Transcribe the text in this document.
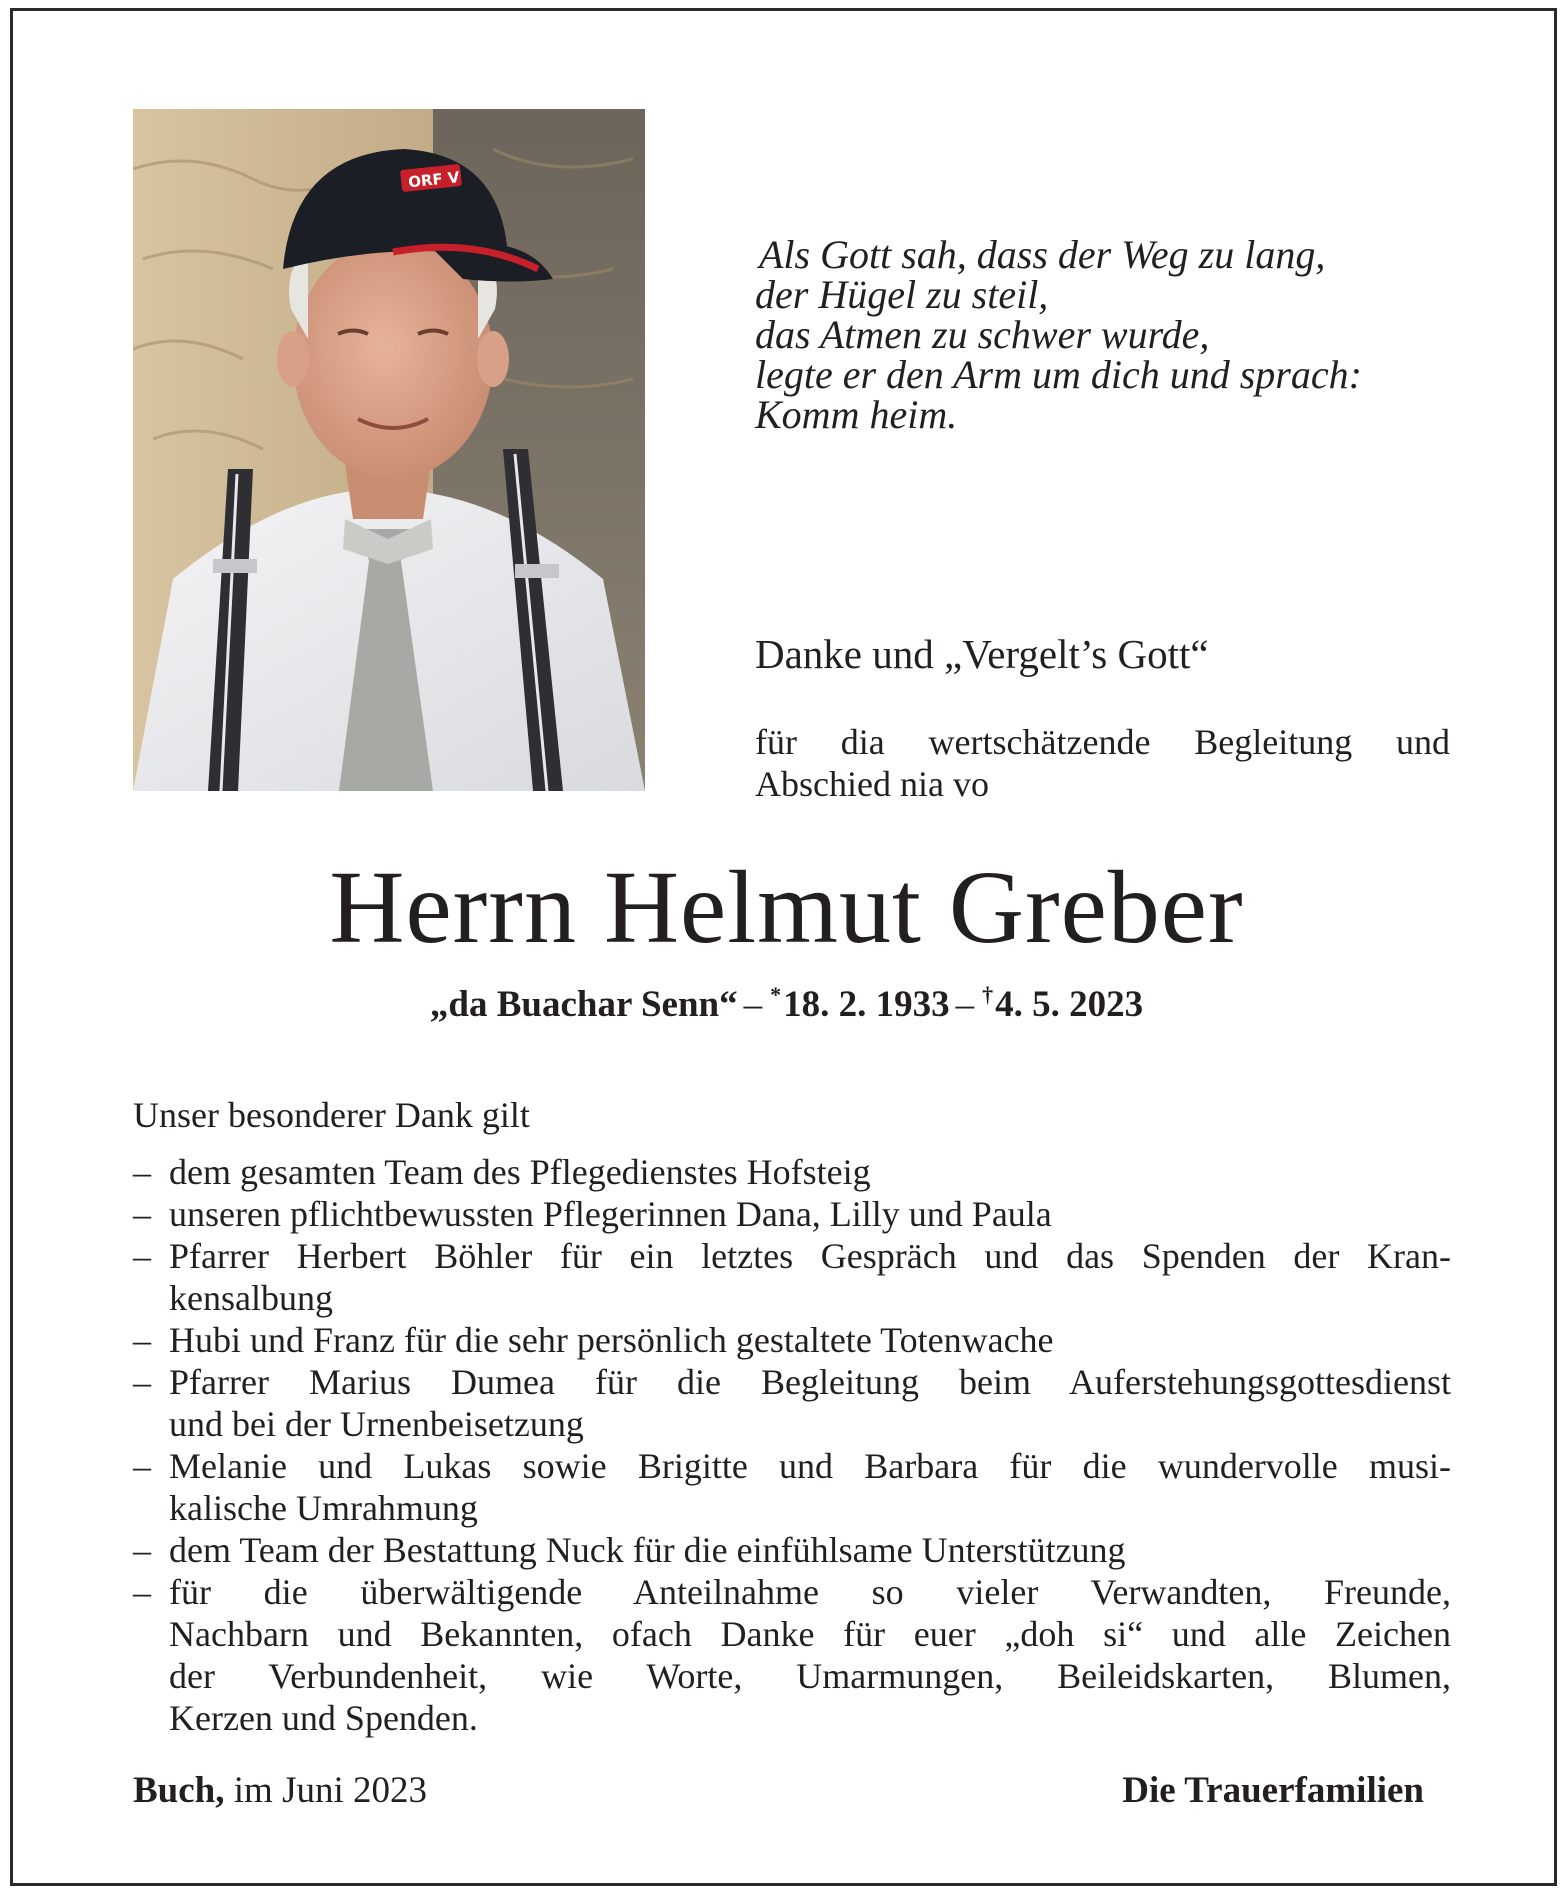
ORF V
Als Gott sah, dass der Weg zu lang,
der Hügel zu steil,
das Atmen zu schwer wurde,
legte er den Arm um dich und sprach:
Komm heim.
Danke und „Vergelt’s Gott“
für dia wertschätzende Begleitung und
Abschied nia vo
Herrn Helmut Greber
„da Buachar Senn“ – *18. 2. 1933 – †4. 5. 2023
Unser besonderer Dank gilt
– dem gesamten Team des Pflegedienstes Hofsteig
– unseren pflichtbewussten Pflegerinnen Dana, Lilly und Paula
– Pfarrer Herbert Böhler für ein letztes Gespräch und das Spenden der Kran-
kensalbung
– Hubi und Franz für die sehr persönlich gestaltete Totenwache
– Pfarrer Marius Dumea für die Begleitung beim Auferstehungsgottesdienst
und bei der Urnenbeisetzung
– Melanie und Lukas sowie Brigitte und Barbara für die wundervolle musi-
kalische Umrahmung
– dem Team der Bestattung Nuck für die einfühlsame Unterstützung
– für die überwältigende Anteilnahme so vieler Verwandten, Freunde,
Nachbarn und Bekannten, ofach Danke für euer „doh si“ und alle Zeichen
der Verbundenheit, wie Worte, Umarmungen, Beileidskarten, Blumen,
Kerzen und Spenden.
Buch, im Juni 2023	Die Trauerfamilien
